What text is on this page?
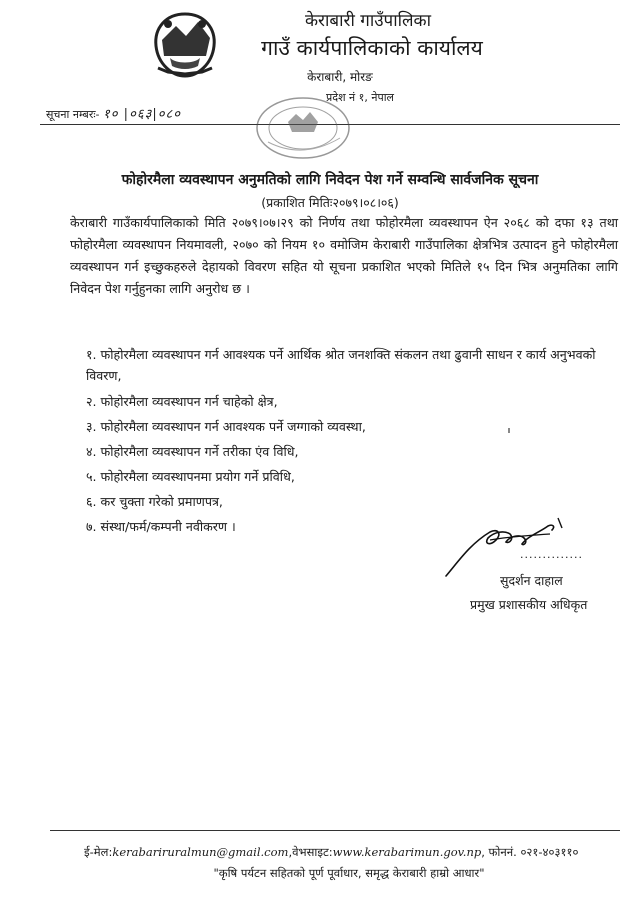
केराबारी गाउँपालिका
गाउँ कार्यपालिकाको कार्यालय
केराबारी, मोरङ
प्रदेश नं १, नेपाल
सूचना नम्बरः- १० |०६३|०८०
फोहोरमैला व्यवस्थापन अनुमतिको लागि निवेदन पेश गर्ने सम्वन्धि सार्वजनिक सूचना
(प्रकाशित मितिः२०७९।०८।०६)
केराबारी गाउँकार्यपालिकाको मिति २०७९।०७।२९ को निर्णय तथा फोहोरमैला व्यवस्थापन ऐन २०६८ को दफा १३ तथा फोहोरमैला व्यवस्थापन नियमावली, २०७० को नियम १० वमोजिम केराबारी गाउँपालिका क्षेत्रभित्र उत्पादन हुने फोहोरमैला व्यवस्थापन गर्न इच्छुकहरुले देहायको विवरण सहित यो सूचना प्रकाशित भएको मितिले १५ दिन भित्र अनुमतिका लागि निवेदन पेश गर्नुहुनका लागि अनुरोध छ ।
१. फोहोरमैला व्यवस्थापन गर्न आवश्यक पर्ने आर्थिक श्रोत जनशक्ति संकलन तथा ढुवानी साधन र कार्य अनुभवको विवरण,
२. फोहोरमैला व्यवस्थापन गर्न चाहेको क्षेत्र,
३. फोहोरमैला व्यवस्थापन गर्न आवश्यक पर्ने जग्गाको व्यवस्था,
४. फोहोरमैला व्यवस्थापन गर्ने तरीका एंव विधि,
५. फोहोरमैला व्यवस्थापनमा प्रयोग गर्ने प्रविधि,
६. कर चुक्ता गरेको प्रमाणपत्र,
७. संस्था/फर्म/कम्पनी नवीकरण ।
..............
सुदर्शन दाहाल
प्रमुख प्रशासकीय अधिकृत
ई-मेल:kerabariruralmun@gmail.com,वेभसाइट:www.kerabarimun.gov.np, फोननं. ०२१-४०३११०
"कृषि पर्यटन सहितको पूर्ण पूर्वाधार, समृद्ध केराबारी हाम्रो आधार"
